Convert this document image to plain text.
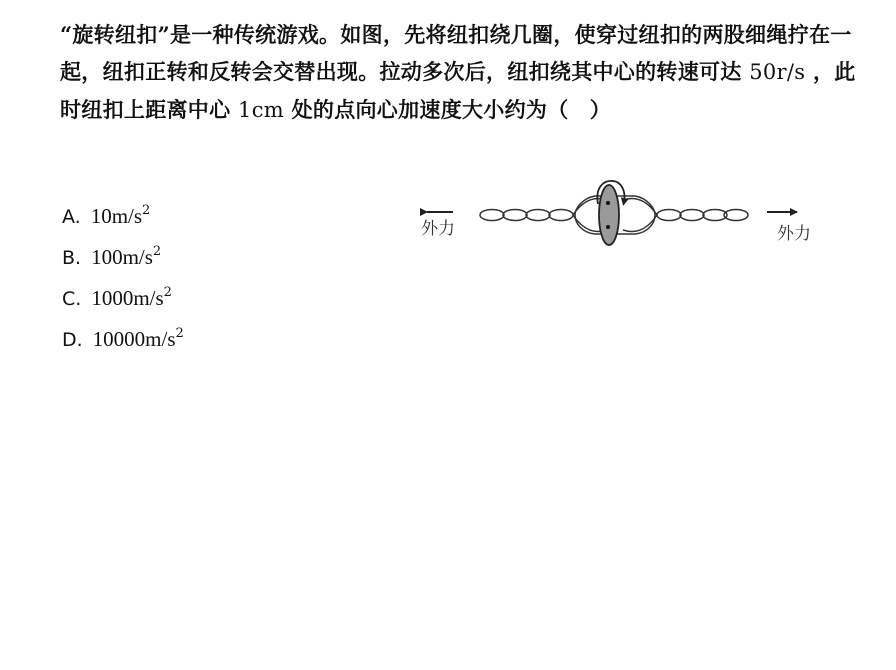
“旋转纽扣”是一种传统游戏。如图，先将纽扣绕几圈，使穿过纽扣的两股细绳拧在一起，纽扣正转和反转会交替出现。拉动多次后，纽扣绕其中心的转速可达 50r/s ，此时纽扣上距离中心 1cm 处的点向心加速度大小约为（　）
A. $10m/s^2$
B. $100m/s^2$
C. $1000m/s^2$
D. $10000m/s^2$
外力	外力
